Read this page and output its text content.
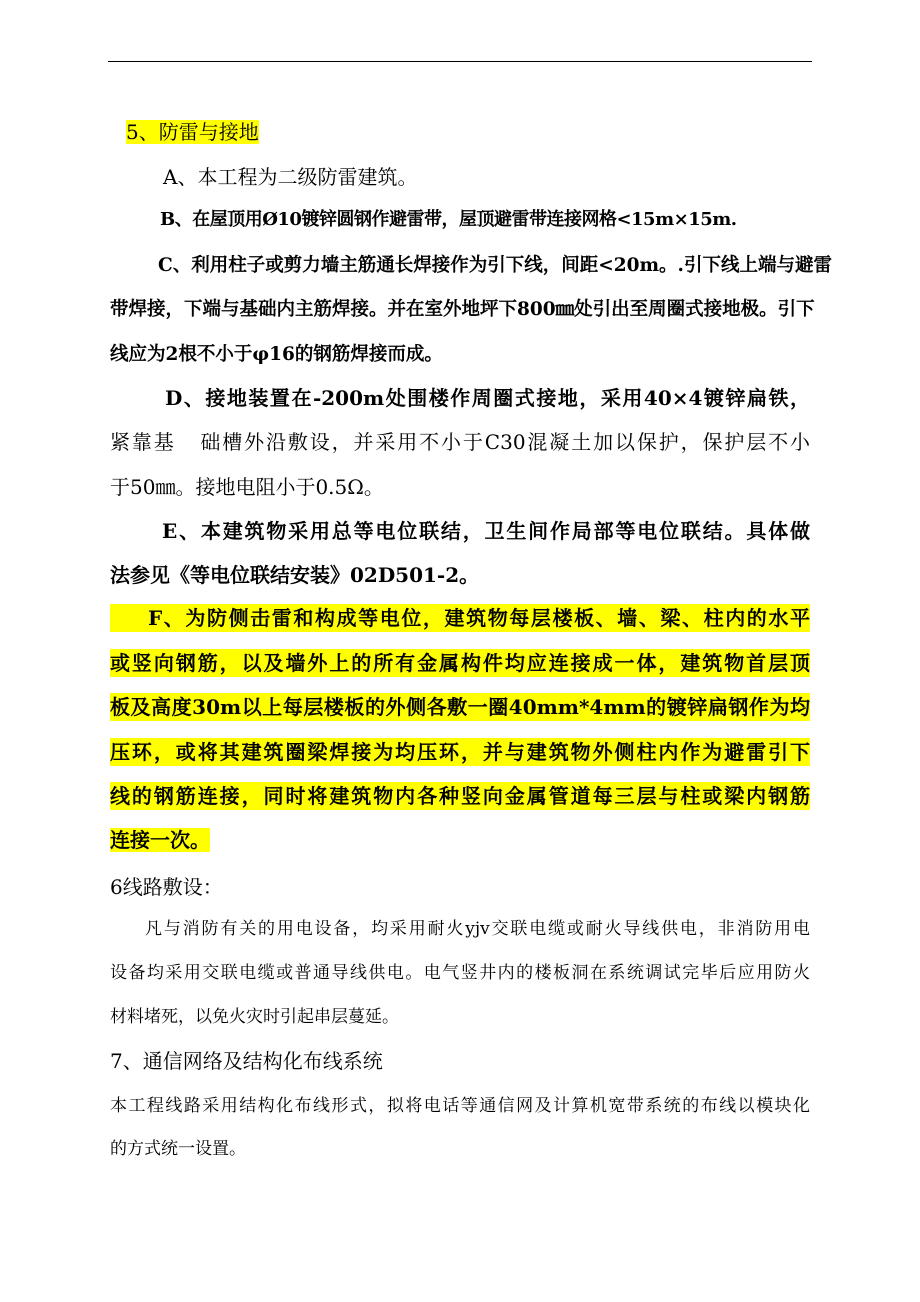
5、防雷与接地
A、本工程为二级防雷建筑。
B、在屋顶用Ø10镀锌圆钢作避雷带，屋顶避雷带连接网格<15m×15m.
C、利用柱子或剪力墙主筋通长焊接作为引下线，间距<20m。.引下线上端与避雷
带焊接，下端与基础内主筋焊接。并在室外地坪下800㎜处引出至周圈式接地极。引下
线应为2根不小于φ16的钢筋焊接而成。
D、接地装置在-200m处围楼作周圈式接地，采用40×4镀锌扁铁，
紧靠基   础槽外沿敷设，并采用不小于C30混凝土加以保护，保护层不小
于50㎜。接地电阻小于0.5Ω。
E、本建筑物采用总等电位联结，卫生间作局部等电位联结。具体做
法参见《等电位联结安装》02D501-2。
F、为防侧击雷和构成等电位，建筑物每层楼板、墙、梁、柱内的水平
或竖向钢筋，以及墙外上的所有金属构件均应连接成一体，建筑物首层顶
板及高度30m以上每层楼板的外侧各敷一圈40mm*4mm的镀锌扁钢作为均
压环，或将其建筑圈梁焊接为均压环，并与建筑物外侧柱内作为避雷引下
线的钢筋连接，同时将建筑物内各种竖向金属管道每三层与柱或梁内钢筋
连接一次。
6线路敷设：
凡与消防有关的用电设备，均采用耐火yjv交联电缆或耐火导线供电，非消防用电
设备均采用交联电缆或普通导线供电。电气竖井内的楼板洞在系统调试完毕后应用防火
材料堵死，以免火灾时引起串层蔓延。
7、通信网络及结构化布线系统
本工程线路采用结构化布线形式，拟将电话等通信网及计算机宽带系统的布线以模块化
的方式统一设置。
